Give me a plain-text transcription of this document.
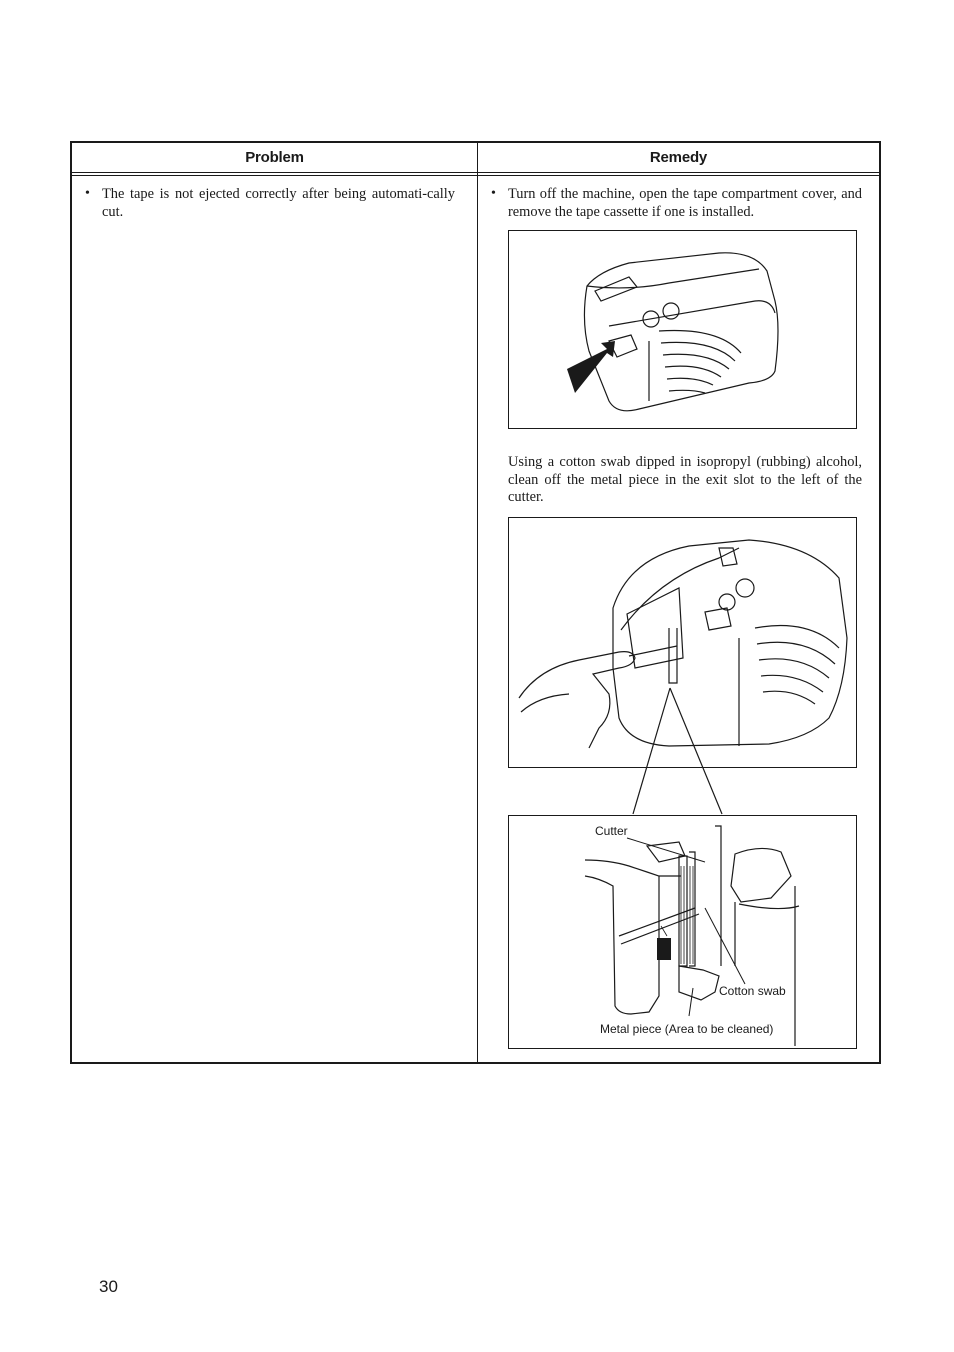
Problem	Remedy
• The tape is not ejected correctly after being automati-cally cut.
• Turn off the machine, open the tape compartment cover, and remove the tape cassette if one is installed.
Using a cotton swab dipped in isopropyl (rubbing) alcohol, clean off the metal piece in the exit slot to the left of the cutter.
Cutter
Cotton swab
Metal piece (Area to be cleaned)
30
